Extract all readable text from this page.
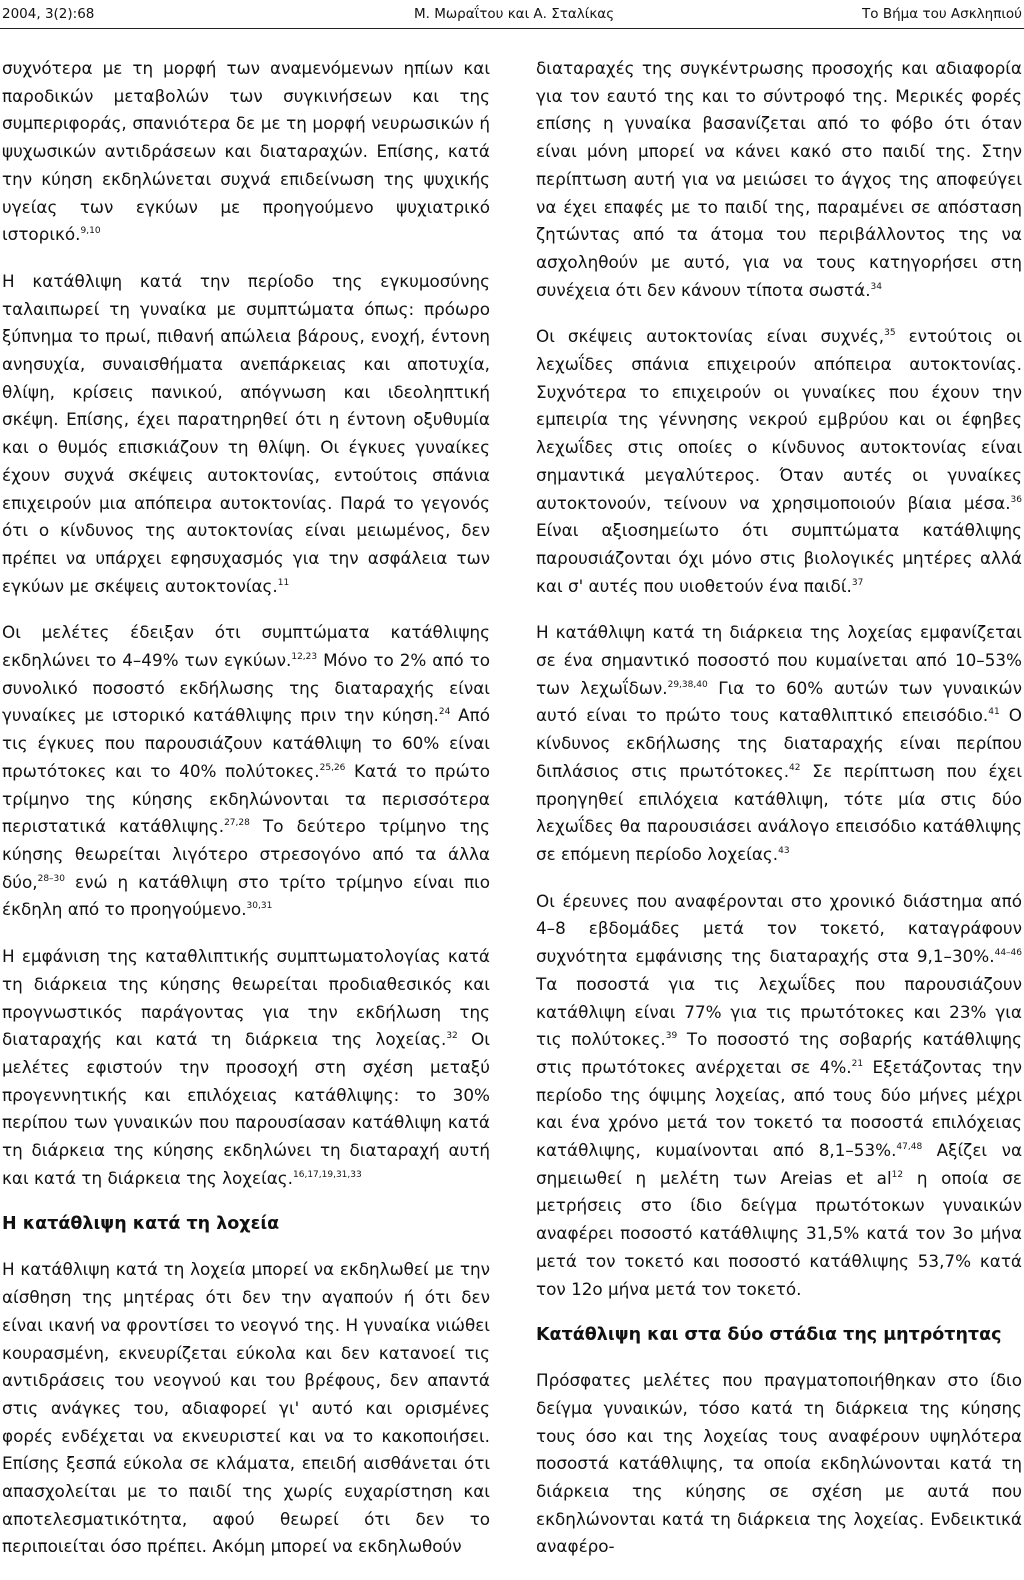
2004, 3(2):68	Μ. Μωραΐτου και Α. Σταλίκας	Το Βήμα του Ασκληπιού

συχνότερα με τη μορφή των αναμενόμενων ηπίων και παροδικών μεταβολών των συγκινήσεων και της συμπεριφοράς, σπανιότερα δε με τη μορφή νευρωσικών ή ψυχωσικών αντιδράσεων και διαταραχών. Επίσης, κατά την κύηση εκδηλώνεται συχνά επιδείνωση της ψυχικής υγείας των εγκύων με προηγούμενο ψυχιατρικό ιστορικό.$^{9,10}$

Η κατάθλιψη κατά την περίοδο της εγκυμοσύνης ταλαιπωρεί τη γυναίκα με συμπτώματα όπως: πρόωρο ξύπνημα το πρωί, πιθανή απώλεια βάρους, ενοχή, έντονη ανησυχία, συναισθήματα ανεπάρκειας και αποτυχία, θλίψη, κρίσεις πανικού, απόγνωση και ιδεοληπτική σκέψη. Επίσης, έχει παρατηρηθεί ότι η έντονη οξυθυμία και ο θυμός επισκιάζουν τη θλίψη. Οι έγκυες γυναίκες έχουν συχνά σκέψεις αυτοκτονίας, εντούτοις σπάνια επιχειρούν μια απόπειρα αυτοκτονίας. Παρά το γεγονός ότι ο κίνδυνος της αυτοκτονίας είναι μειωμένος, δεν πρέπει να υπάρχει εφησυχασμός για την ασφάλεια των εγκύων με σκέψεις αυτοκτονίας.$^{11}$

Οι μελέτες έδειξαν ότι συμπτώματα κατάθλιψης εκδηλώνει το 4–49% των εγκύων.$^{12,23}$ Μόνο το 2% από το συνολικό ποσοστό εκδήλωσης της διαταραχής είναι γυναίκες με ιστορικό κατάθλιψης πριν την κύηση.$^{24}$ Από τις έγκυες που παρουσιάζουν κατάθλιψη το 60% είναι πρωτότοκες και το 40% πολύτοκες.$^{25,26}$ Κατά το πρώτο τρίμηνο της κύησης εκδηλώνονται τα περισσότερα περιστατικά κατάθλιψης.$^{27,28}$ Το δεύτερο τρίμηνο της κύησης θεωρείται λιγότερο στρεσογόνο από τα άλλα δύο,$^{28-30}$ ενώ η κατάθλιψη στο τρίτο τρίμηνο είναι πιο έκδηλη από το προηγούμενο.$^{30,31}$

Η εμφάνιση της καταθλιπτικής συμπτωματολογίας κατά τη διάρκεια της κύησης θεωρείται προδιαθεσικός και προγνωστικός παράγοντας για την εκδήλωση της διαταραχής και κατά τη διάρκεια της λοχείας.$^{32}$ Οι μελέτες εφιστούν την προσοχή στη σχέση μεταξύ προγεννητικής και επιλόχειας κατάθλιψης: το 30% περίπου των γυναικών που παρουσίασαν κατάθλιψη κατά τη διάρκεια της κύησης εκδηλώνει τη διαταραχή αυτή και κατά τη διάρκεια της λοχείας.$^{16,17,19,31,33}$

Η κατάθλιψη κατά τη λοχεία

Η κατάθλιψη κατά τη λοχεία μπορεί να εκδηλωθεί με την αίσθηση της μητέρας ότι δεν την αγαπούν ή ότι δεν είναι ικανή να φροντίσει το νεογνό της. Η γυναίκα νιώθει κουρασμένη, εκνευρίζεται εύκολα και δεν κατανοεί τις αντιδράσεις του νεογνού και του βρέφους, δεν απαντά στις ανάγκες του, αδιαφορεί γι' αυτό και ορισμένες φορές ενδέχεται να εκνευριστεί και να το κακοποιήσει. Επίσης ξεσπά εύκολα σε κλάματα, επειδή αισθάνεται ότι απασχολείται με το παιδί της χωρίς ευχαρίστηση και αποτελεσματικότητα, αφού θεωρεί ότι δεν το περιποιείται όσο πρέπει. Ακόμη μπορεί να εκδηλωθούν

διαταραχές της συγκέντρωσης προσοχής και αδιαφορία για τον εαυτό της και το σύντροφό της. Μερικές φορές επίσης η γυναίκα βασανίζεται από το φόβο ότι όταν είναι μόνη μπορεί να κάνει κακό στο παιδί της. Στην περίπτωση αυτή για να μειώσει το άγχος της αποφεύγει να έχει επαφές με το παιδί της, παραμένει σε απόσταση ζητώντας από τα άτομα του περιβάλλοντος της να ασχοληθούν με αυτό, για να τους κατηγορήσει στη συνέχεια ότι δεν κάνουν τίποτα σωστά.$^{34}$

Οι σκέψεις αυτοκτονίας είναι συχνές,$^{35}$ εντούτοις οι λεχωΐδες σπάνια επιχειρούν απόπειρα αυτοκτονίας. Συχνότερα το επιχειρούν οι γυναίκες που έχουν την εμπειρία της γέννησης νεκρού εμβρύου και οι έφηβες λεχωΐδες στις οποίες ο κίνδυνος αυτοκτονίας είναι σημαντικά μεγαλύτερος. Όταν αυτές οι γυναίκες αυτοκτονούν, τείνουν να χρησιμοποιούν βίαια μέσα.$^{36}$ Είναι αξιοσημείωτο ότι συμπτώματα κατάθλιψης παρουσιάζονται όχι μόνο στις βιολογικές μητέρες αλλά και σ' αυτές που υιοθετούν ένα παιδί.$^{37}$

Η κατάθλιψη κατά τη διάρκεια της λοχείας εμφανίζεται σε ένα σημαντικό ποσοστό που κυμαίνεται από 10–53% των λεχωΐδων.$^{29,38,40}$ Για το 60% αυτών των γυναικών αυτό είναι το πρώτο τους καταθλιπτικό επεισόδιο.$^{41}$ Ο κίνδυνος εκδήλωσης της διαταραχής είναι περίπου διπλάσιος στις πρωτότοκες.$^{42}$ Σε περίπτωση που έχει προηγηθεί επιλόχεια κατάθλιψη, τότε μία στις δύο λεχωΐδες θα παρουσιάσει ανάλογο επεισόδιο κατάθλιψης σε επόμενη περίοδο λοχείας.$^{43}$

Οι έρευνες που αναφέρονται στο χρονικό διάστημα από 4–8 εβδομάδες μετά τον τοκετό, καταγράφουν συχνότητα εμφάνισης της διαταραχής στα 9,1–30%.$^{44-46}$ Τα ποσοστά για τις λεχωΐδες που παρουσιάζουν κατάθλιψη είναι 77% για τις πρωτότοκες και 23% για τις πολύτοκες.$^{39}$ Το ποσοστό της σοβαρής κατάθλιψης στις πρωτότοκες ανέρχεται σε 4%.$^{21}$ Εξετάζοντας την περίοδο της όψιμης λοχείας, από τους δύο μήνες μέχρι και ένα χρόνο μετά τον τοκετό τα ποσοστά επιλόχειας κατάθλιψης, κυμαίνονται από 8,1–53%.$^{47,48}$ Αξίζει να σημειωθεί η μελέτη των Areias et $al^{12}$ η οποία σε μετρήσεις στο ίδιο δείγμα πρωτότοκων γυναικών αναφέρει ποσοστό κατάθλιψης 31,5% κατά τον 3ο μήνα μετά τον τοκετό και ποσοστό κατάθλιψης 53,7% κατά τον 12ο μήνα μετά τον τοκετό.

Κατάθλιψη και στα δύο στάδια της μητρότητας

Πρόσφατες μελέτες που πραγματοποιήθηκαν στο ίδιο δείγμα γυναικών, τόσο κατά τη διάρκεια της κύησης τους όσο και της λοχείας τους αναφέρουν υψηλότερα ποσοστά κατάθλιψης, τα οποία εκδηλώνονται κατά τη διάρκεια της κύησης σε σχέση με αυτά που εκδηλώνονται κατά τη διάρκεια της λοχείας. Ενδεικτικά αναφέρο-
